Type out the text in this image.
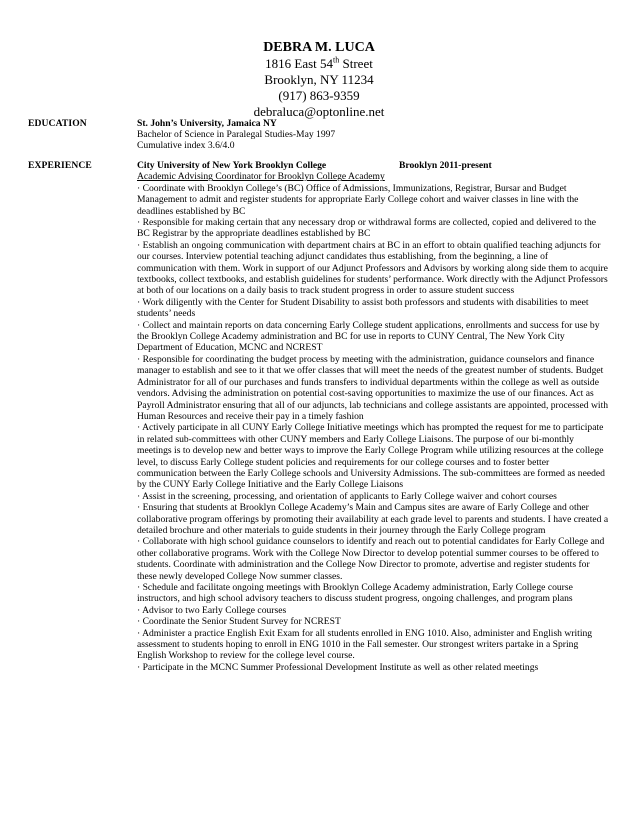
DEBRA M. LUCA
1816 East 54th Street
Brooklyn, NY 11234
(917) 863-9359
debraluca@optonline.net
EDUCATION	St. John’s University, Jamaica NY
Bachelor of Science in Paralegal Studies-May 1997
Cumulative index 3.6/4.0
EXPERIENCE	City University of New York Brooklyn College	Brooklyn 2011-present
Academic Advising Coordinator for Brooklyn College Academy
· Coordinate with Brooklyn College’s (BC) Office of Admissions, Immunizations, Registrar, Bursar and Budget Management to admit and register students for appropriate Early College cohort and waiver classes in line with the deadlines established by BC
· Responsible for making certain that any necessary drop or withdrawal forms are collected, copied and delivered to the BC Registrar by the appropriate deadlines established by BC
· Establish an ongoing communication with department chairs at BC in an effort to obtain qualified teaching adjuncts for our courses. Interview potential teaching adjunct candidates thus establishing, from the beginning, a line of communication with them. Work in support of our Adjunct Professors and Advisors by working along side them to acquire textbooks, collect textbooks, and establish guidelines for students’ performance. Work directly with the Adjunct Professors at both of our locations on a daily basis to track student progress in order to assure student success
· Work diligently with the Center for Student Disability to assist both professors and students with disabilities to meet students’ needs
· Collect and maintain reports on data concerning Early College student applications, enrollments and success for use by the Brooklyn College Academy administration and BC for use in reports to CUNY Central, The New York City Department of Education, MCNC and NCREST
· Responsible for coordinating the budget process by meeting with the administration, guidance counselors and finance manager to establish and see to it that we offer classes that will meet the needs of the greatest number of students. Budget Administrator for all of our purchases and funds transfers to individual departments within the college as well as outside vendors. Advising the administration on potential cost-saving opportunities to maximize the use of our finances. Act as Payroll Administrator ensuring that all of our adjuncts, lab technicians and college assistants are appointed, processed with Human Resources and receive their pay in a timely fashion
· Actively participate in all CUNY Early College Initiative meetings which has prompted the request for me to participate in related sub-committees with other CUNY members and Early College Liaisons. The purpose of our bi-monthly meetings is to develop new and better ways to improve the Early College Program while utilizing resources at the college level, to discuss Early College student policies and requirements for our college courses and to foster better communication between the Early College schools and University Admissions. The sub-committees are formed as needed by the CUNY Early College Initiative and the Early College Liaisons
· Assist in the screening, processing, and orientation of applicants to Early College waiver and cohort courses
· Ensuring that students at Brooklyn College Academy’s Main and Campus sites are aware of Early College and other collaborative program offerings by promoting their availability at each grade level to parents and students. I have created a detailed brochure and other materials to guide students in their journey through the Early College program
· Collaborate with high school guidance counselors to identify and reach out to potential candidates for Early College and other collaborative programs. Work with the College Now Director to develop potential summer courses to be offered to students. Coordinate with administration and the College Now Director to promote, advertise and register students for these newly developed College Now summer classes.
· Schedule and facilitate ongoing meetings with Brooklyn College Academy administration, Early College course instructors, and high school advisory teachers to discuss student progress, ongoing challenges, and program plans
· Advisor to two Early College courses
· Coordinate the Senior Student Survey for NCREST
· Administer a practice English Exit Exam for all students enrolled in ENG 1010. Also, administer and English writing assessment to students hoping to enroll in ENG 1010 in the Fall semester. Our strongest writers partake in a Spring English Workshop to review for the college level course.
· Participate in the MCNC Summer Professional Development Institute as well as other related meetings
